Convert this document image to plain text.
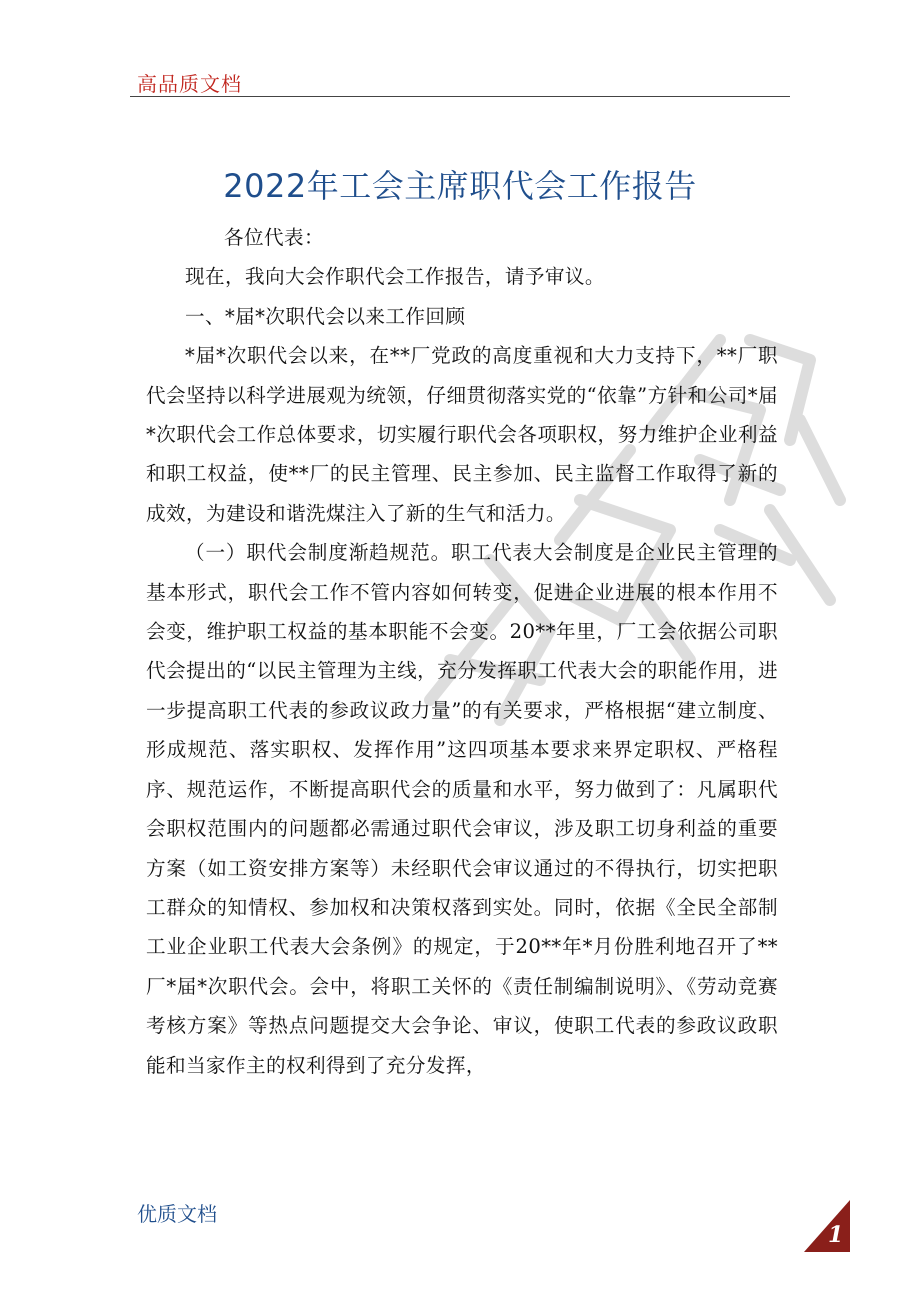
高品质文档
2022年工会主席职代会工作报告

各位代表：

现在，我向大会作职代会工作报告，请予审议。

一、*届*次职代会以来工作回顾

*届*次职代会以来，在**厂党政的高度重视和大力支持下，**厂职代会坚持以科学进展观为统领，仔细贯彻落实党的“依靠”方针和公司*届*次职代会工作总体要求，切实履行职代会各项职权，努力维护企业利益和职工权益，使**厂的民主管理、民主参加、民主监督工作取得了新的成效，为建设和谐洗煤注入了新的生气和活力。

（一）职代会制度渐趋规范。职工代表大会制度是企业民主管理的基本形式，职代会工作不管内容如何转变，促进企业进展的根本作用不会变，维护职工权益的基本职能不会变。20**年里，厂工会依据公司职代会提出的“以民主管理为主线，充分发挥职工代表大会的职能作用，进一步提高职工代表的参政议政力量”的有关要求，严格根据“建立制度、形成规范、落实职权、发挥作用”这四项基本要求来界定职权、严格程序、规范运作，不断提高职代会的质量和水平，努力做到了：凡属职代会职权范围内的问题都必需通过职代会审议，涉及职工切身利益的重要方案（如工资安排方案等）未经职代会审议通过的不得执行，切实把职工群众的知情权、参加权和决策权落到实处。同时，依据《全民全部制工业企业职工代表大会条例》的规定，于20**年*月份胜利地召开了**厂*届*次职代会。会中，将职工关怀的《责任制编制说明》、《劳动竞赛考核方案》等热点问题提交大会争论、审议，使职工代表的参政议政职能和当家作主的权利得到了充分发挥，

优质文档
1
